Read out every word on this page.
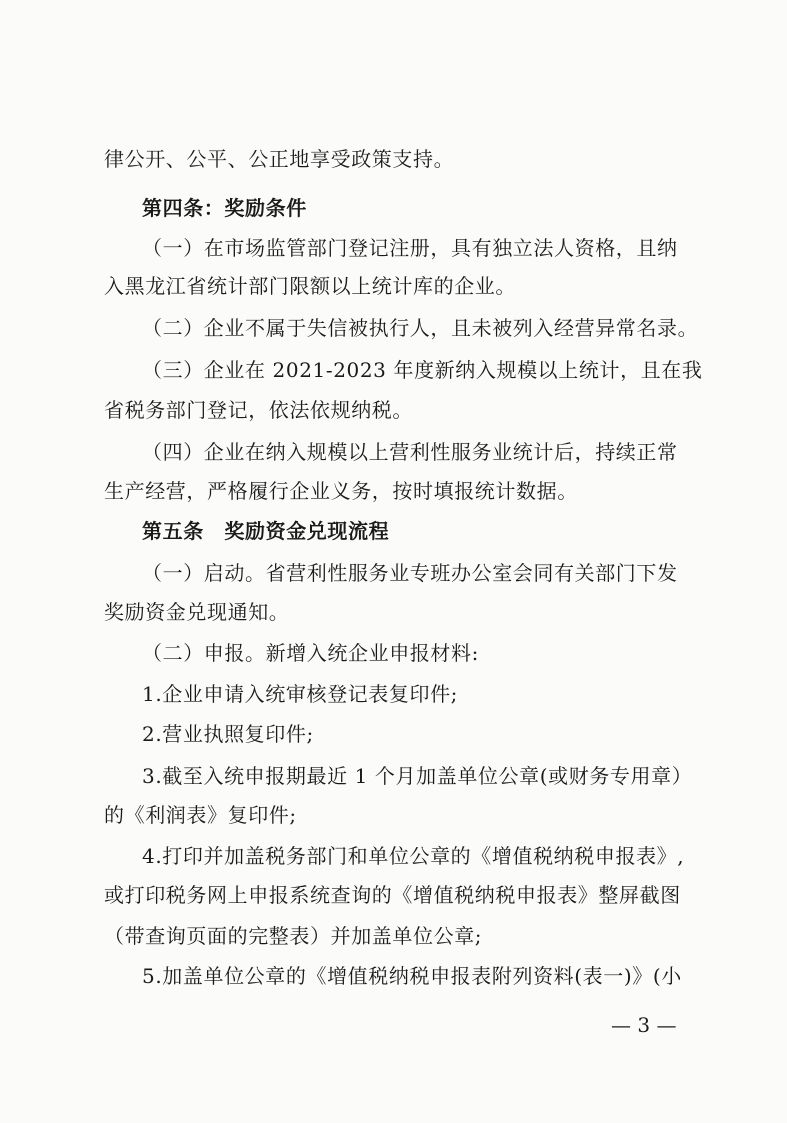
律公开、公平、公正地享受政策支持。
第四条：奖励条件
（一）在市场监管部门登记注册，具有独立法人资格，且纳
入黑龙江省统计部门限额以上统计库的企业。
（二）企业不属于失信被执行人，且未被列入经营异常名录。
（三）企业在 2021-2023 年度新纳入规模以上统计，且在我
省税务部门登记，依法依规纳税。
（四）企业在纳入规模以上营利性服务业统计后，持续正常
生产经营，严格履行企业义务，按时填报统计数据。
第五条　奖励资金兑现流程
（一）启动。省营利性服务业专班办公室会同有关部门下发
奖励资金兑现通知。
（二）申报。新增入统企业申报材料:
1.企业申请入统审核登记表复印件;
2.营业执照复印件;
3.截至入统申报期最近 1 个月加盖单位公章(或财务专用章）
的《利润表》复印件;
4.打印并加盖税务部门和单位公章的《增值税纳税申报表》,
或打印税务网上申报系统查询的《增值税纳税申报表》整屏截图
（带查询页面的完整表）并加盖单位公章;
5.加盖单位公章的《增值税纳税申报表附列资料(表一)》(小
— 3 —
